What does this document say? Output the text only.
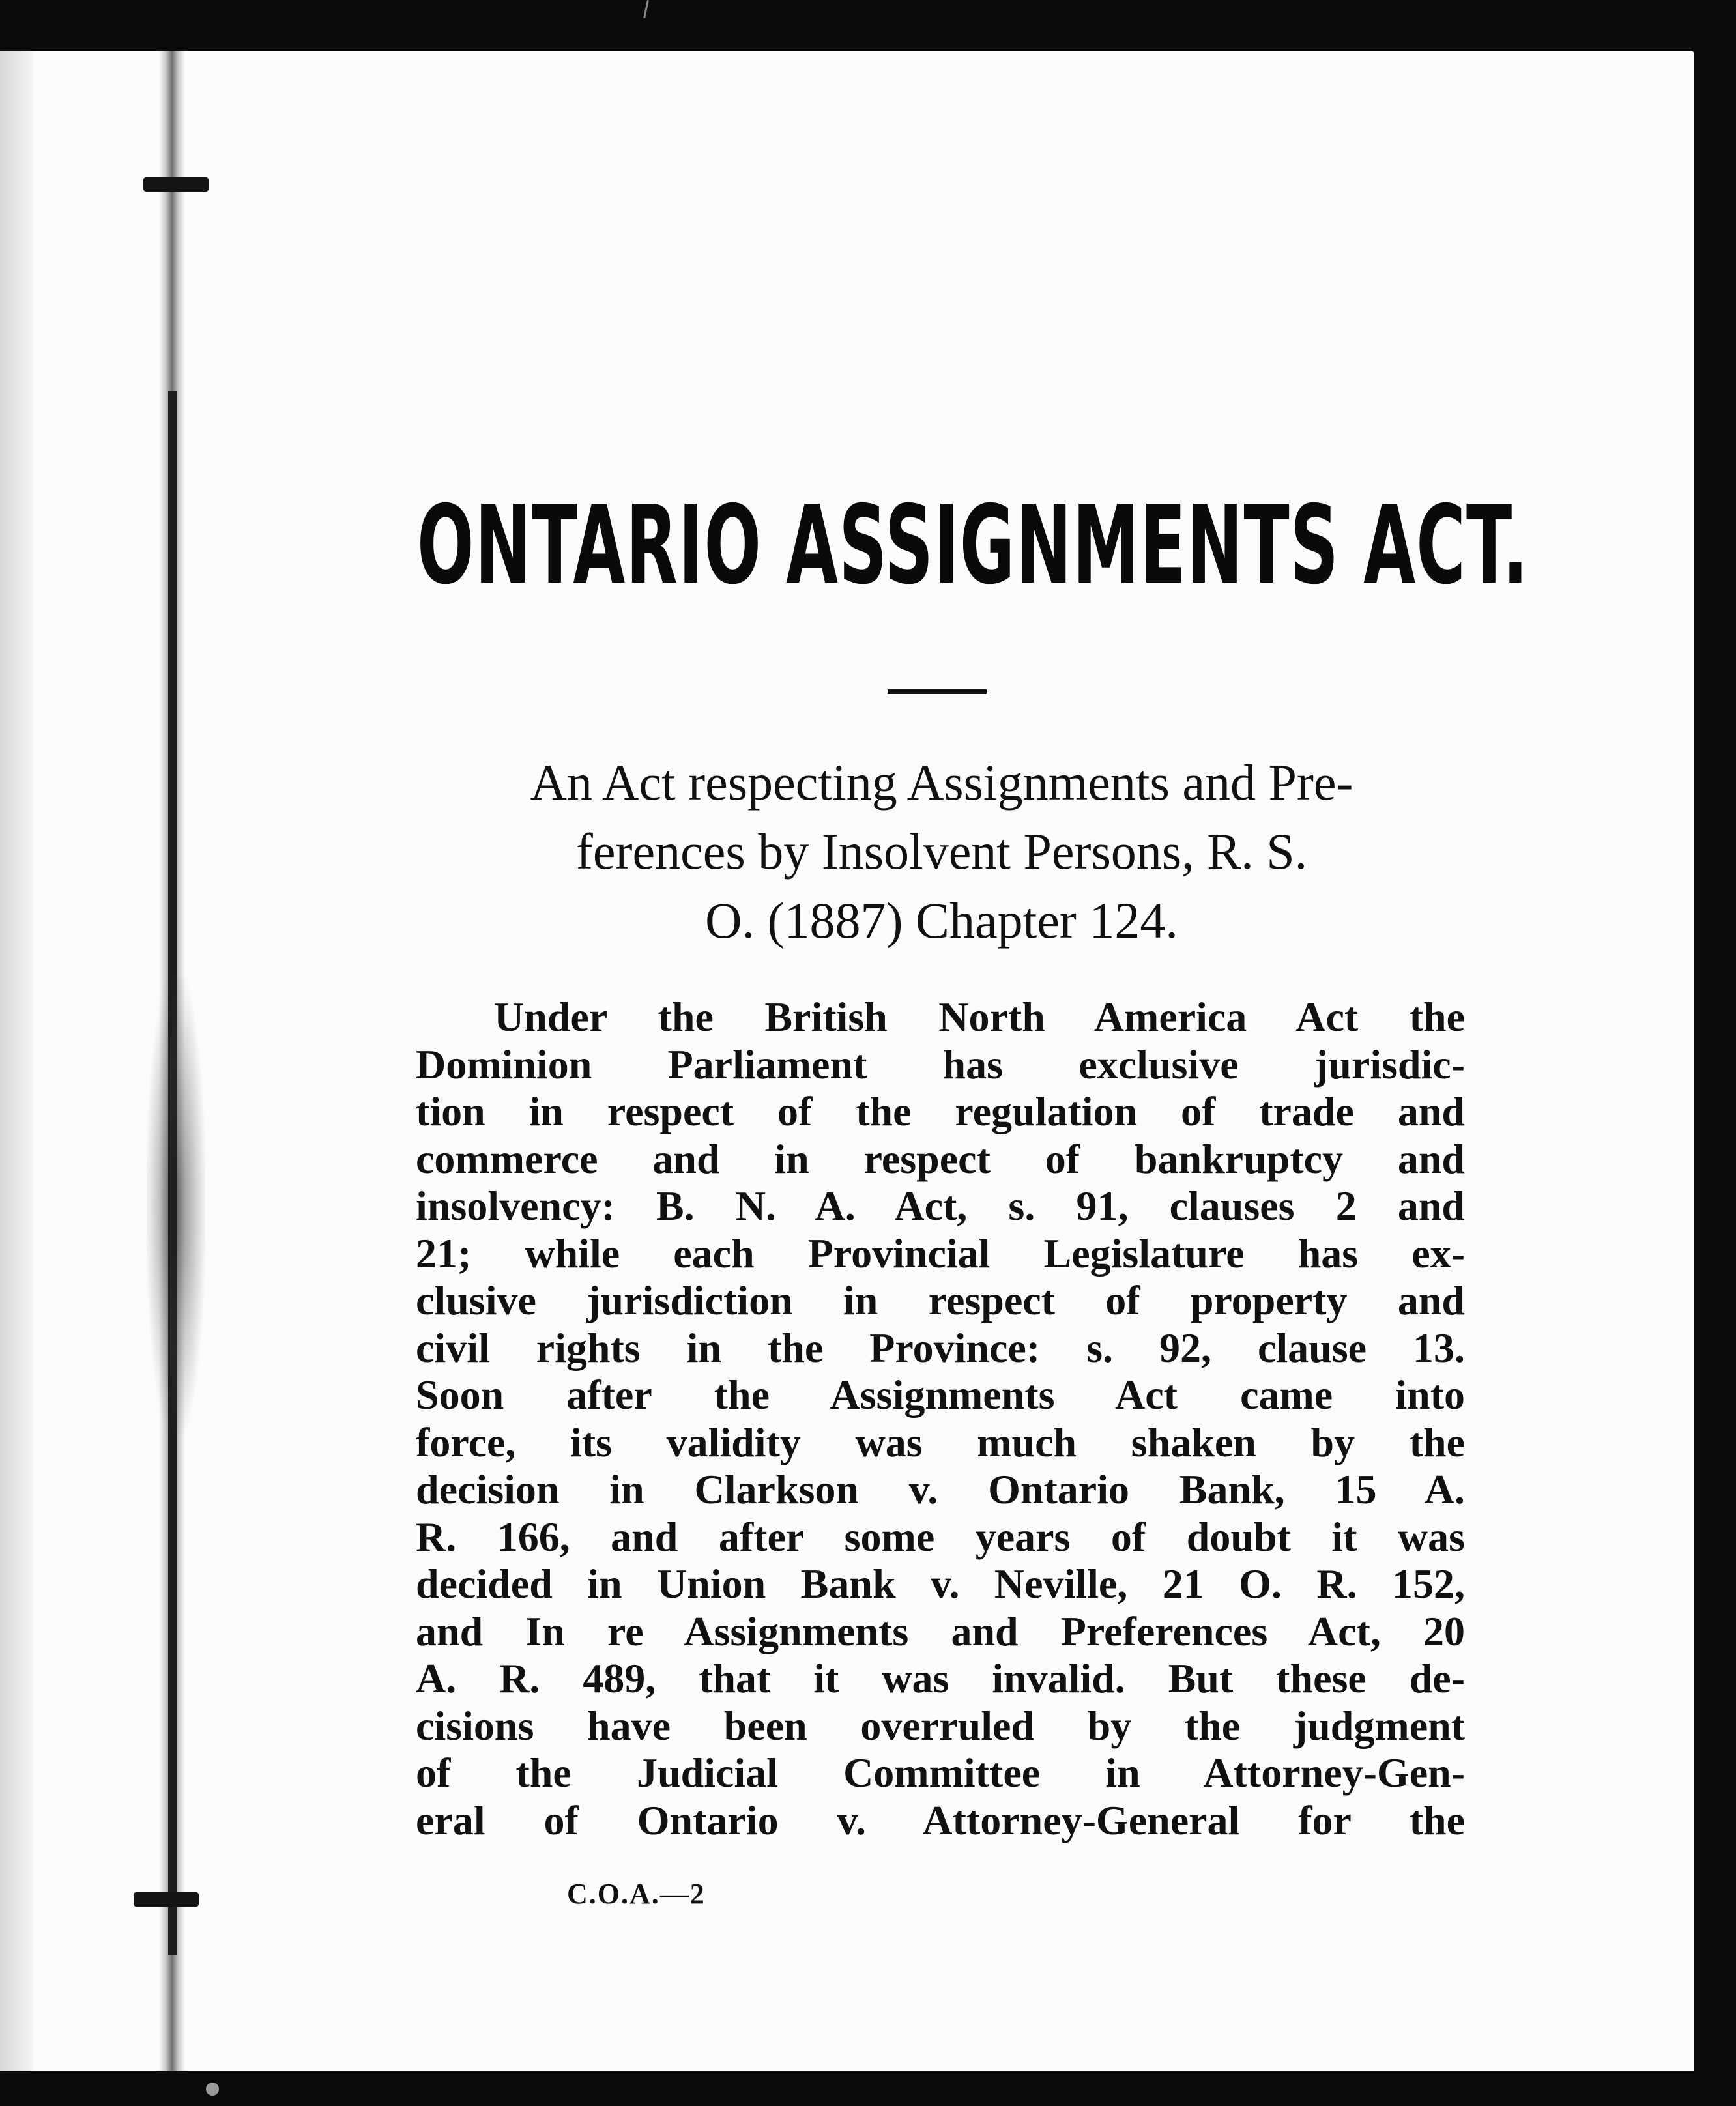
ONTARIO ASSIGNMENTS ACT.

An Act respecting Assignments and Pre-
ferences by Insolvent Persons, R. S.
O. (1887) Chapter 124.

Under the British North America Act the
Dominion Parliament has exclusive jurisdic-
tion in respect of the regulation of trade and
commerce and in respect of bankruptcy and
insolvency: B. N. A. Act, s. 91, clauses 2 and
21; while each Provincial Legislature has ex-
clusive jurisdiction in respect of property and
civil rights in the Province: s. 92, clause 13.
Soon after the Assignments Act came into
force, its validity was much shaken by the
decision in Clarkson v. Ontario Bank, 15 A.
R. 166, and after some years of doubt it was
decided in Union Bank v. Neville, 21 O. R. 152,
and In re Assignments and Preferences Act, 20
A. R. 489, that it was invalid. But these de-
cisions have been overruled by the judgment
of the Judicial Committee in Attorney-Gen-
eral of Ontario v. Attorney-General for the

C.O.A.—2
